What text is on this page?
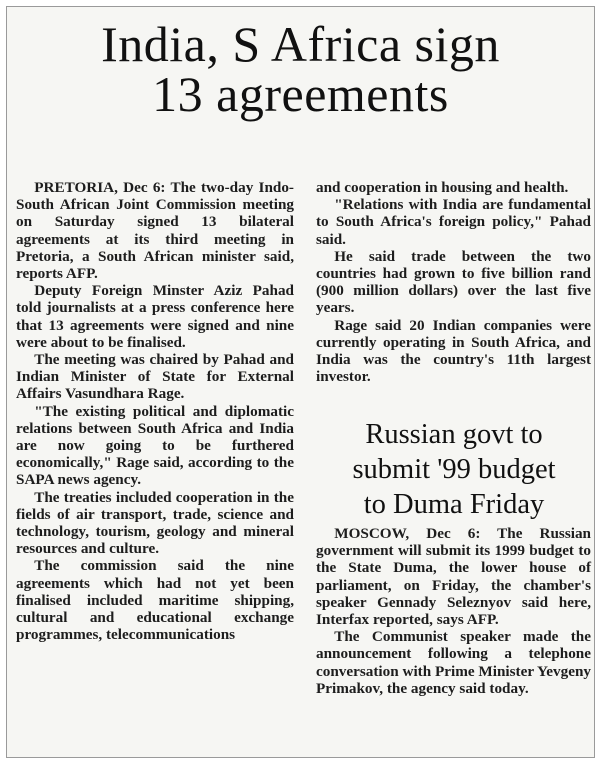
India, S Africa sign
13 agreements

PRETORIA, Dec 6: The two-day Indo-South African Joint Commission meeting on Saturday signed 13 bilateral agreements at its third meeting in Pretoria, a South African minister said, reports AFP.

Deputy Foreign Minster Aziz Pahad told journalists at a press conference here that 13 agreements were signed and nine were about to be finalised.

The meeting was chaired by Pahad and Indian Minister of State for External Affairs Vasundhara Rage.

"The existing political and diplomatic relations between South Africa and India are now going to be furthered economically," Rage said, according to the SAPA news agency.

The treaties included cooperation in the fields of air transport, trade, science and technology, tourism, geology and mineral resources and culture.

The commission said the nine agreements which had not yet been finalised included maritime shipping, cultural and educational exchange programmes, telecommunications

and cooperation in housing and health.

"Relations with India are fundamental to South Africa's foreign policy," Pahad said.

He said trade between the two countries had grown to five billion rand (900 million dollars) over the last five years.

Rage said 20 Indian companies were currently operating in South Africa, and India was the country's 11th largest investor.

Russian govt to
submit '99 budget
to Duma Friday

MOSCOW, Dec 6: The Russian government will submit its 1999 budget to the State Duma, the lower house of parliament, on Friday, the chamber's speaker Gennady Seleznyov said here, Interfax reported, says AFP.

The Communist speaker made the announcement following a telephone conversation with Prime Minister Yevgeny Primakov, the agency said today.
